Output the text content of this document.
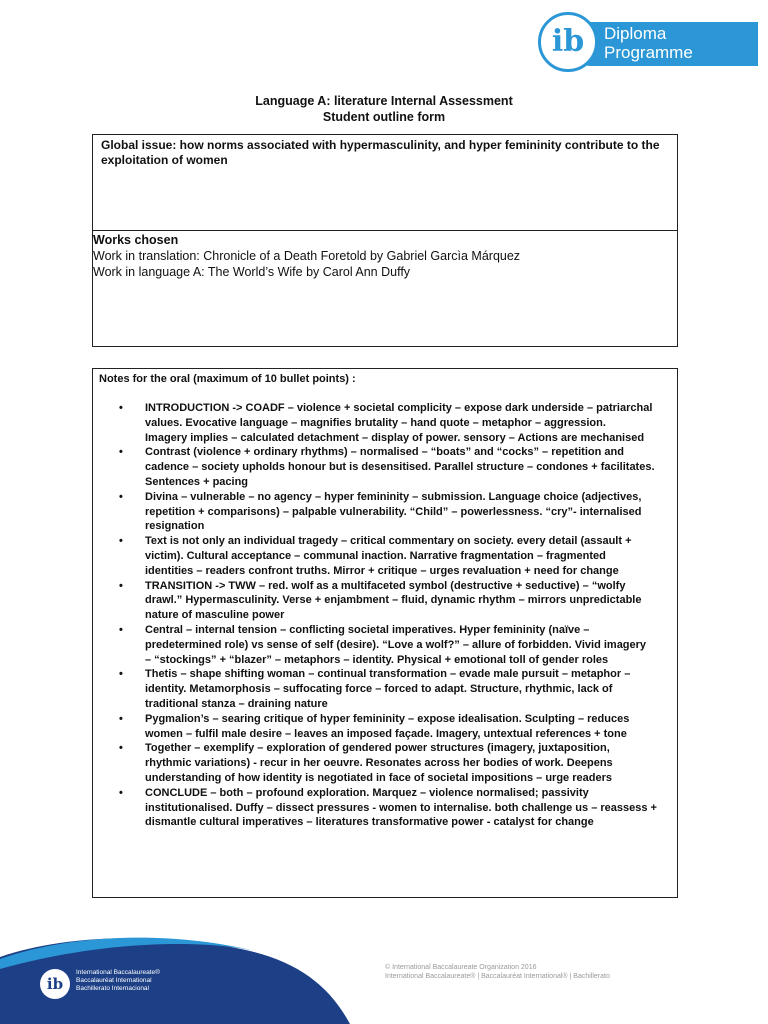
ib Diploma
Programme
Language A: literature Internal Assessment
Student outline form
Global issue: how norms associated with hypermasculinity, and hyper femininity contribute to the exploitation of women
Works chosen
Work in translation: Chronicle of a Death Foretold by Gabriel Garcìa Márquez
Work in language A: The World’s Wife by Carol Ann Duffy
Notes for the oral (maximum of 10 bullet points) :
• INTRODUCTION -> COADF – violence + societal complicity – expose dark underside – patriarchal
values. Evocative language – magnifies brutality – hand quote – metaphor – aggression.
Imagery implies – calculated detachment – display of power. sensory – Actions are mechanised
• Contrast (violence + ordinary rhythms) – normalised – “boats” and “cocks” – repetition and
cadence – society upholds honour but is desensitised. Parallel structure – condones + facilitates.
Sentences + pacing
• Divina – vulnerable – no agency – hyper femininity – submission. Language choice (adjectives,
repetition + comparisons) – palpable vulnerability. “Child” – powerlessness. “cry”- internalised
resignation
• Text is not only an individual tragedy – critical commentary on society. every detail (assault +
victim). Cultural acceptance – communal inaction. Narrative fragmentation – fragmented
identities – readers confront truths. Mirror + critique – urges revaluation + need for change
• TRANSITION -> TWW – red. wolf as a multifaceted symbol (destructive + seductive) – “wolfy
drawl.” Hypermasculinity. Verse + enjambment – fluid, dynamic rhythm – mirrors unpredictable
nature of masculine power
• Central – internal tension – conflicting societal imperatives. Hyper femininity (naïve –
predetermined role) vs sense of self (desire). “Love a wolf?” – allure of forbidden. Vivid imagery
– “stockings” + “blazer” – metaphors – identity. Physical + emotional toll of gender roles
• Thetis – shape shifting woman – continual transformation – evade male pursuit – metaphor –
identity. Metamorphosis – suffocating force – forced to adapt. Structure, rhythmic, lack of
traditional stanza – draining nature
• Pygmalion’s – searing critique of hyper femininity – expose idealisation. Sculpting – reduces
women – fulfil male desire – leaves an imposed façade. Imagery, untextual references + tone
• Together – exemplify – exploration of gendered power structures (imagery, juxtaposition,
rhythmic variations) - recur in her oeuvre. Resonates across her bodies of work. Deepens
understanding of how identity is negotiated in face of societal impositions – urge readers
• CONCLUDE – both – profound exploration. Marquez – violence normalised; passivity
institutionalised. Duffy – dissect pressures - women to internalise. both challenge us – reassess +
dismantle cultural imperatives – literatures transformative power - catalyst for change
ib
International Baccalaureate®
Baccalauréat International
Bachillerato Internacional
© International Baccalaureate Organization 2016
International Baccalaureate® | Baccalauréat International® | Bachillerato
